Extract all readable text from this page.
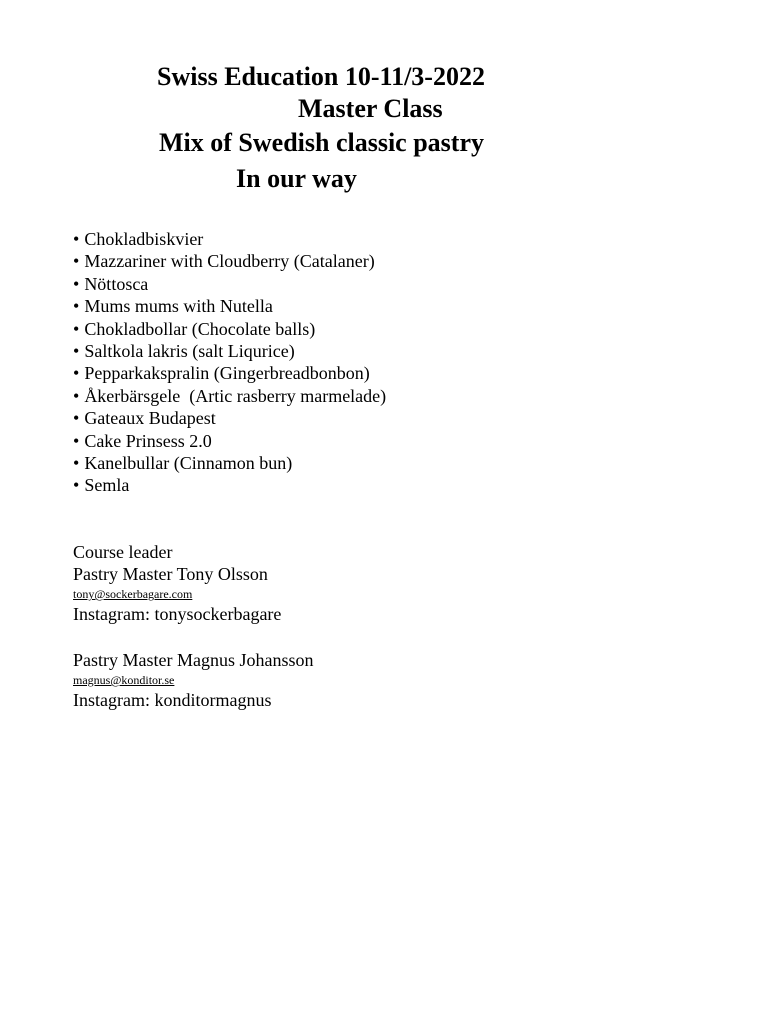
Swiss Education 10-11/3-2022
Master Class
Mix of Swedish classic pastry
In our way
• Chokladbiskvier
• Mazzariner with Cloudberry (Catalaner)
• Nöttosca
• Mums mums with Nutella
• Chokladbollar (Chocolate balls)
• Saltkola lakris (salt Liqurice)
• Pepparkakspralin (Gingerbreadbonbon)
• Åkerbärsgele  (Artic rasberry marmelade)
• Gateaux Budapest
• Cake Prinsess 2.0
• Kanelbullar (Cinnamon bun)
• Semla
Course leader
Pastry Master Tony Olsson
tony@sockerbagare.com
Instagram: tonysockerbagare
Pastry Master Magnus Johansson
magnus@konditor.se
Instagram: konditormagnus
